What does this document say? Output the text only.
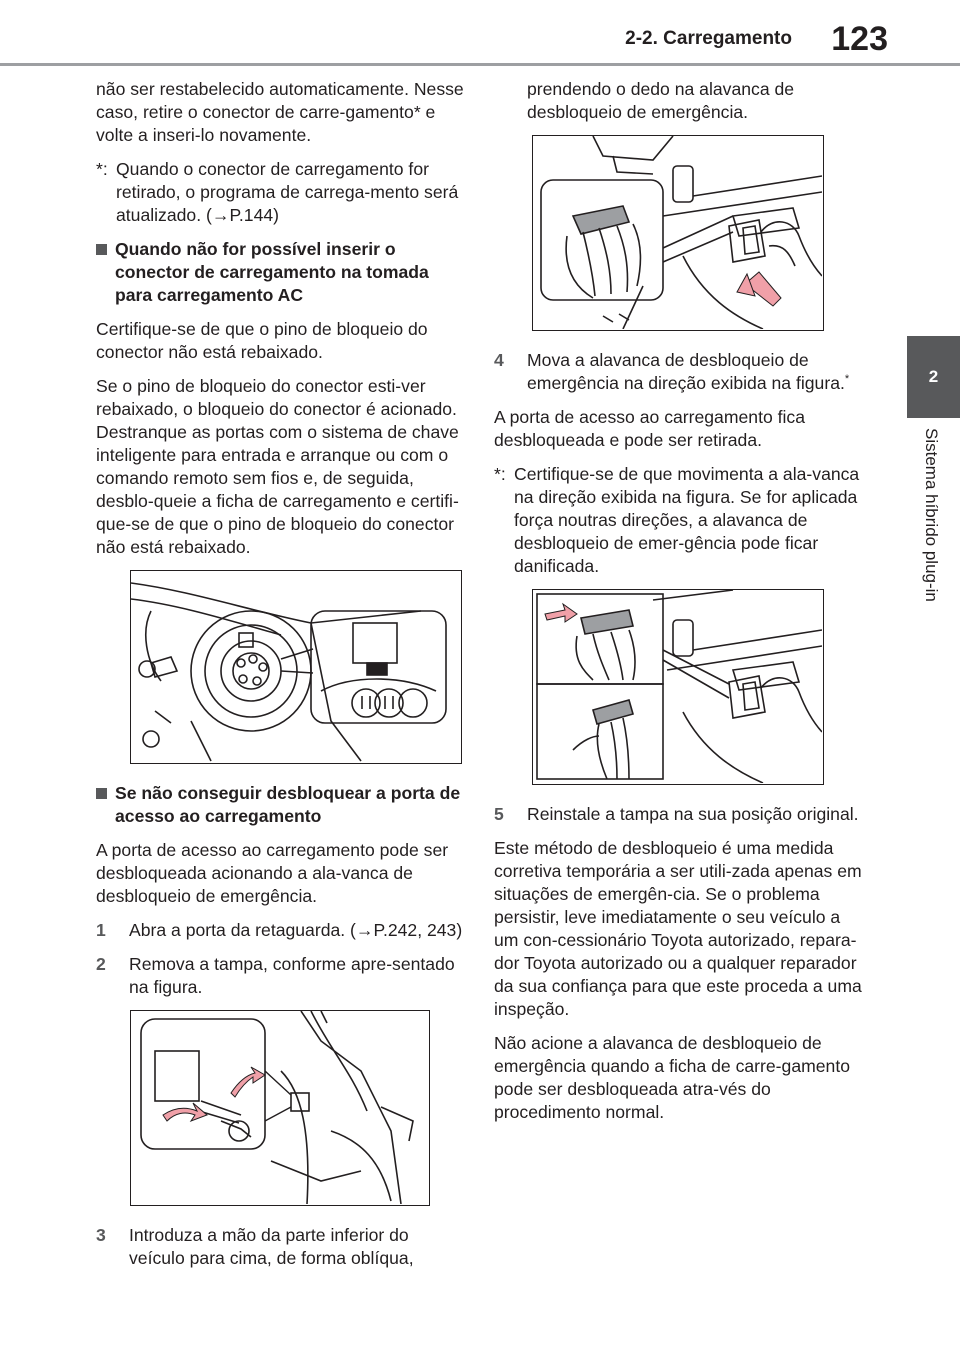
2-2. Carregamento 123
2
Sistema híbrido plug-in

não ser restabelecido automaticamente. Nesse caso, retire o conector de carre-gamento* e volte a inseri-lo novamente.

*: Quando o conector de carregamento for retirado, o programa de carrega-mento será atualizado. (→P.144)
Quando não for possível inserir o conector de carregamento na tomada para carregamento AC

Certifique-se de que o pino de bloqueio do conector não está rebaixado.

Se o pino de bloqueio do conector esti-ver rebaixado, o bloqueio do conector é acionado. Destranque as portas com o sistema de chave inteligente para entrada e arranque ou com o comando remoto sem fios e, de seguida, desblo-queie a ficha de carregamento e certifi-que-se de que o pino de bloqueio do conector não está rebaixado.

Se não conseguir desbloquear a porta de acesso ao carregamento

A porta de acesso ao carregamento pode ser desbloqueada acionando a ala-vanca de desbloqueio de emergência.

1	Abra a porta da retaguarda. (→P.242, 243)
2	Remova a tampa, conforme apre-sentado na figura.
3	Introduza a mão da parte inferior do veículo para cima, de forma oblíqua,
prendendo o dedo na alavanca de desbloqueio de emergência.
4	Mova a alavanca de desbloqueio de emergência na direção exibida na figura.*

A porta de acesso ao carregamento fica desbloqueada e pode ser retirada.

*: Certifique-se de que movimenta a ala-vanca na direção exibida na figura. Se for aplicada força noutras direções, a alavanca de desbloqueio de emer-gência pode ficar danificada.
5	Reinstale a tampa na sua posição original.

Este método de desbloqueio é uma medida corretiva temporária a ser utili-zada apenas em situações de emergên-cia. Se o problema persistir, leve imediatamente o seu veículo a um con-cessionário Toyota autorizado, repara-dor Toyota autorizado ou a qualquer reparador da sua confiança para que este proceda a uma inspeção.

Não acione a alavanca de desbloqueio de emergência quando a ficha de carre-gamento pode ser desbloqueada atra-vés do procedimento normal.
